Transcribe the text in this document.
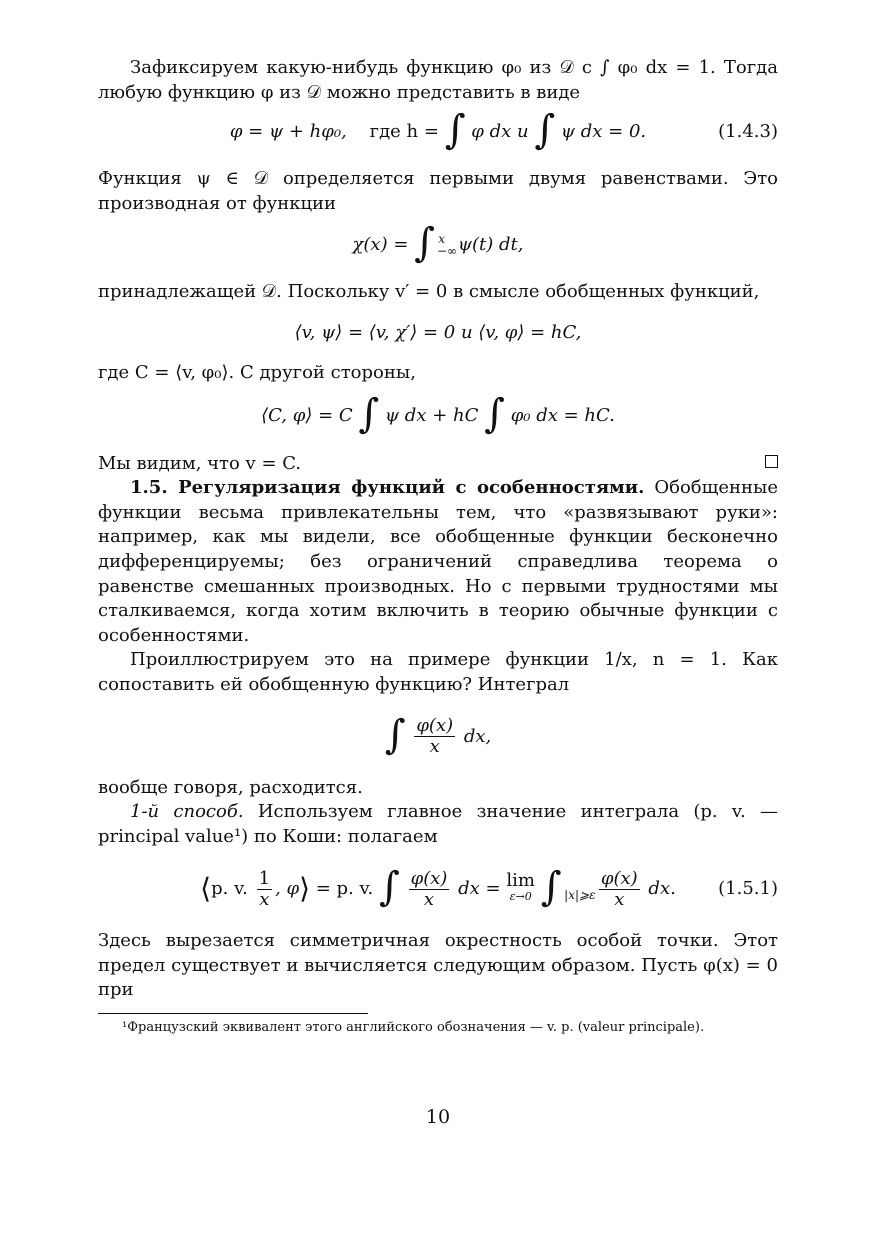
Зафиксируем какую-нибудь функцию φ₀ из 𝒟 с ∫ φ₀ dx = 1. Тогда любую функцию φ из 𝒟 можно представить в виде

φ = ψ + hφ₀, где h = ∫ φ dx и ∫ ψ dx = 0.	(1.4.3)

Функция ψ ∈ 𝒟 определяется первыми двумя равенствами. Это производная от функции

χ(x) = ∫ x
−∞ ψ(t) dt,

принадлежащей 𝒟. Поскольку v′ = 0 в смысле обобщенных функций,

⟨v, ψ⟩ = ⟨v, χ′⟩ = 0 и ⟨v, φ⟩ = hC,

где C = ⟨v, φ₀⟩. С другой стороны,

⟨C, φ⟩ = C ∫ ψ dx + hC ∫ φ₀ dx = hC.

Мы видим, что v = C.

1.5. Регуляризация функций с особенностями. Обобщенные функции весьма привлекательны тем, что «развязывают руки»: например, как мы видели, все обобщенные функции бесконечно дифференцируемы; без ограничений справедлива теорема о равенстве смешанных производных. Но с первыми трудностями мы сталкиваемся, когда хотим включить в теорию обычные функции с особенностями.

Проиллюстрируем это на примере функции 1/x, n = 1. Как сопоставить ей обобщенную функцию? Интеграл

∫ $\frac{\varphi(x)}{x}$ dx,

вообще говоря, расходится.

1-й способ. Используем главное значение интеграла (p. v. — principal value¹) по Коши: полагаем

⟨p. v. $\frac{1}{x}$ , φ⟩ = p. v. ∫ $\frac{\varphi(x)}{x}$ dx = lim
ε→0 ∫ |x|⩾ε
$\frac{\varphi(x)}{x}$ dx. (1.5.1)

Здесь вырезается симметричная окрестность особой точки. Этот предел существует и вычисляется следующим образом. Пусть φ(x) = 0 при

¹Французский эквивалент этого английского обозначения — v. p. (valeur principale).
10
